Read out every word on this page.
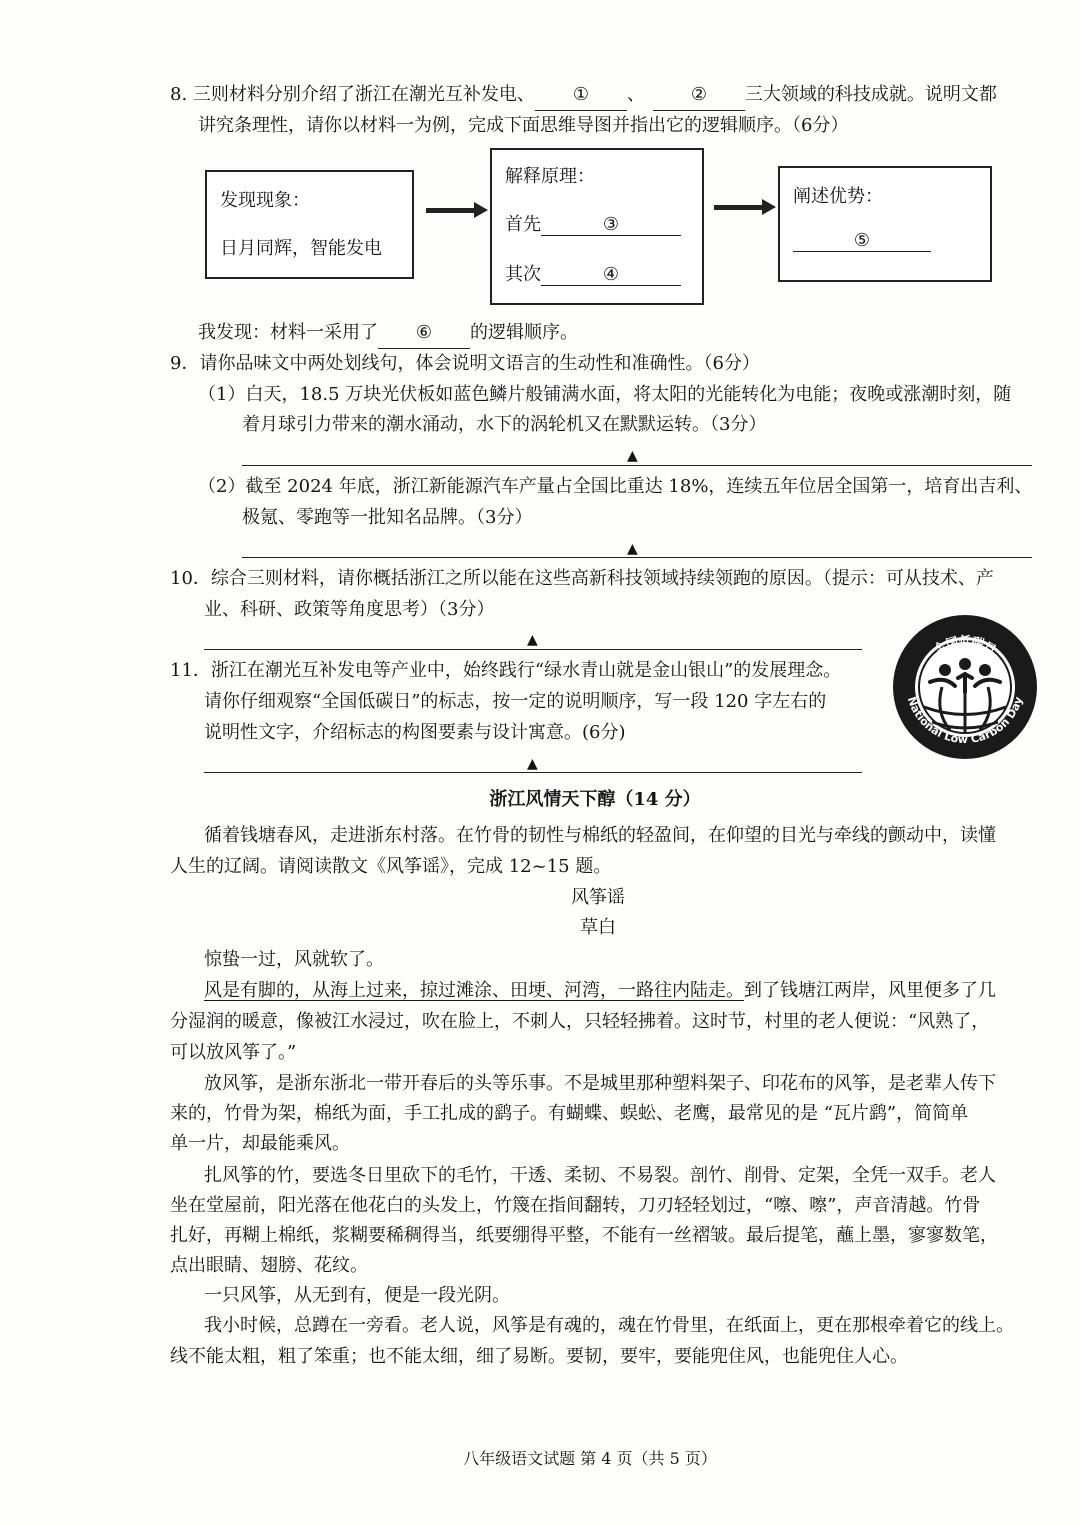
8. 三则材料分别介绍了浙江在潮光互补发电、 ① 、	② 三大领域的科技成就。说明文都
讲究条理性，请你以材料一为例，完成下面思维导图并指出它的逻辑顺序。（6分）
发现现象：
日月同辉，智能发电
解释原理：
首先	③
其次	④
阐述优势：
⑤
我发现：材料一采用了 ⑥ 的逻辑顺序。
9．请你品味文中两处划线句，体会说明文语言的生动性和准确性。（6分）
（1）白天，18.5 万块光伏板如蓝色鳞片般铺满水面，将太阳的光能转化为电能；夜晚或涨潮时刻，随
着月球引力带来的潮水涌动，水下的涡轮机又在默默运转。（3分）
▲
（2）截至 2024 年底，浙江新能源汽车产量占全国比重达 18%，连续五年位居全国第一，培育出吉利、
极氪、零跑等一批知名品牌。（3分）
▲
10．综合三则材料，请你概括浙江之所以能在这些高新科技领域持续领跑的原因。（提示：可从技术、产
业、科研、政策等角度思考）（3分）
▲
11．浙江在潮光互补发电等产业中，始终践行“绿水青山就是金山银山”的发展理念。
请你仔细观察“全国低碳日”的标志，按一定的说明顺序，写一段 120 字左右的
说明性文字，介绍标志的构图要素与设计寓意。(6分)
▲
全国低碳日
National Low Carbon Day
浙江风情天下醇（14 分）
循着钱塘春风，走进浙东村落。在竹骨的韧性与棉纸的轻盈间，在仰望的目光与牵线的颤动中，读懂
人生的辽阔。请阅读散文《风筝谣》，完成 12~15 题。
风筝谣
草白
惊蛰一过，风就软了。
风是有脚的，从海上过来，掠过滩涂、田埂、河湾，一路往内陆走。到了钱塘江两岸，风里便多了几
分湿润的暖意，像被江水浸过，吹在脸上，不刺人，只轻轻拂着。这时节，村里的老人便说：“风熟了，
可以放风筝了。”
放风筝，是浙东浙北一带开春后的头等乐事。不是城里那种塑料架子、印花布的风筝，是老辈人传下
来的，竹骨为架，棉纸为面，手工扎成的鹞子。有蝴蝶、蜈蚣、老鹰，最常见的是 “瓦片鹞”，简简单
单一片，却最能乘风。
扎风筝的竹，要选冬日里砍下的毛竹，干透、柔韧、不易裂。剖竹、削骨、定架，全凭一双手。老人
坐在堂屋前，阳光落在他花白的头发上，竹篾在指间翻转，刀刃轻轻划过，“嚓、嚓”，声音清越。竹骨
扎好，再糊上棉纸，浆糊要稀稠得当，纸要绷得平整，不能有一丝褶皱。最后提笔，蘸上墨，寥寥数笔，
点出眼睛、翅膀、花纹。
一只风筝，从无到有，便是一段光阴。
我小时候，总蹲在一旁看。老人说，风筝是有魂的，魂在竹骨里，在纸面上，更在那根牵着它的线上。
线不能太粗，粗了笨重；也不能太细，细了易断。要韧，要牢，要能兜住风，也能兜住人心。
八年级语文试题 第 4 页（共 5 页）
